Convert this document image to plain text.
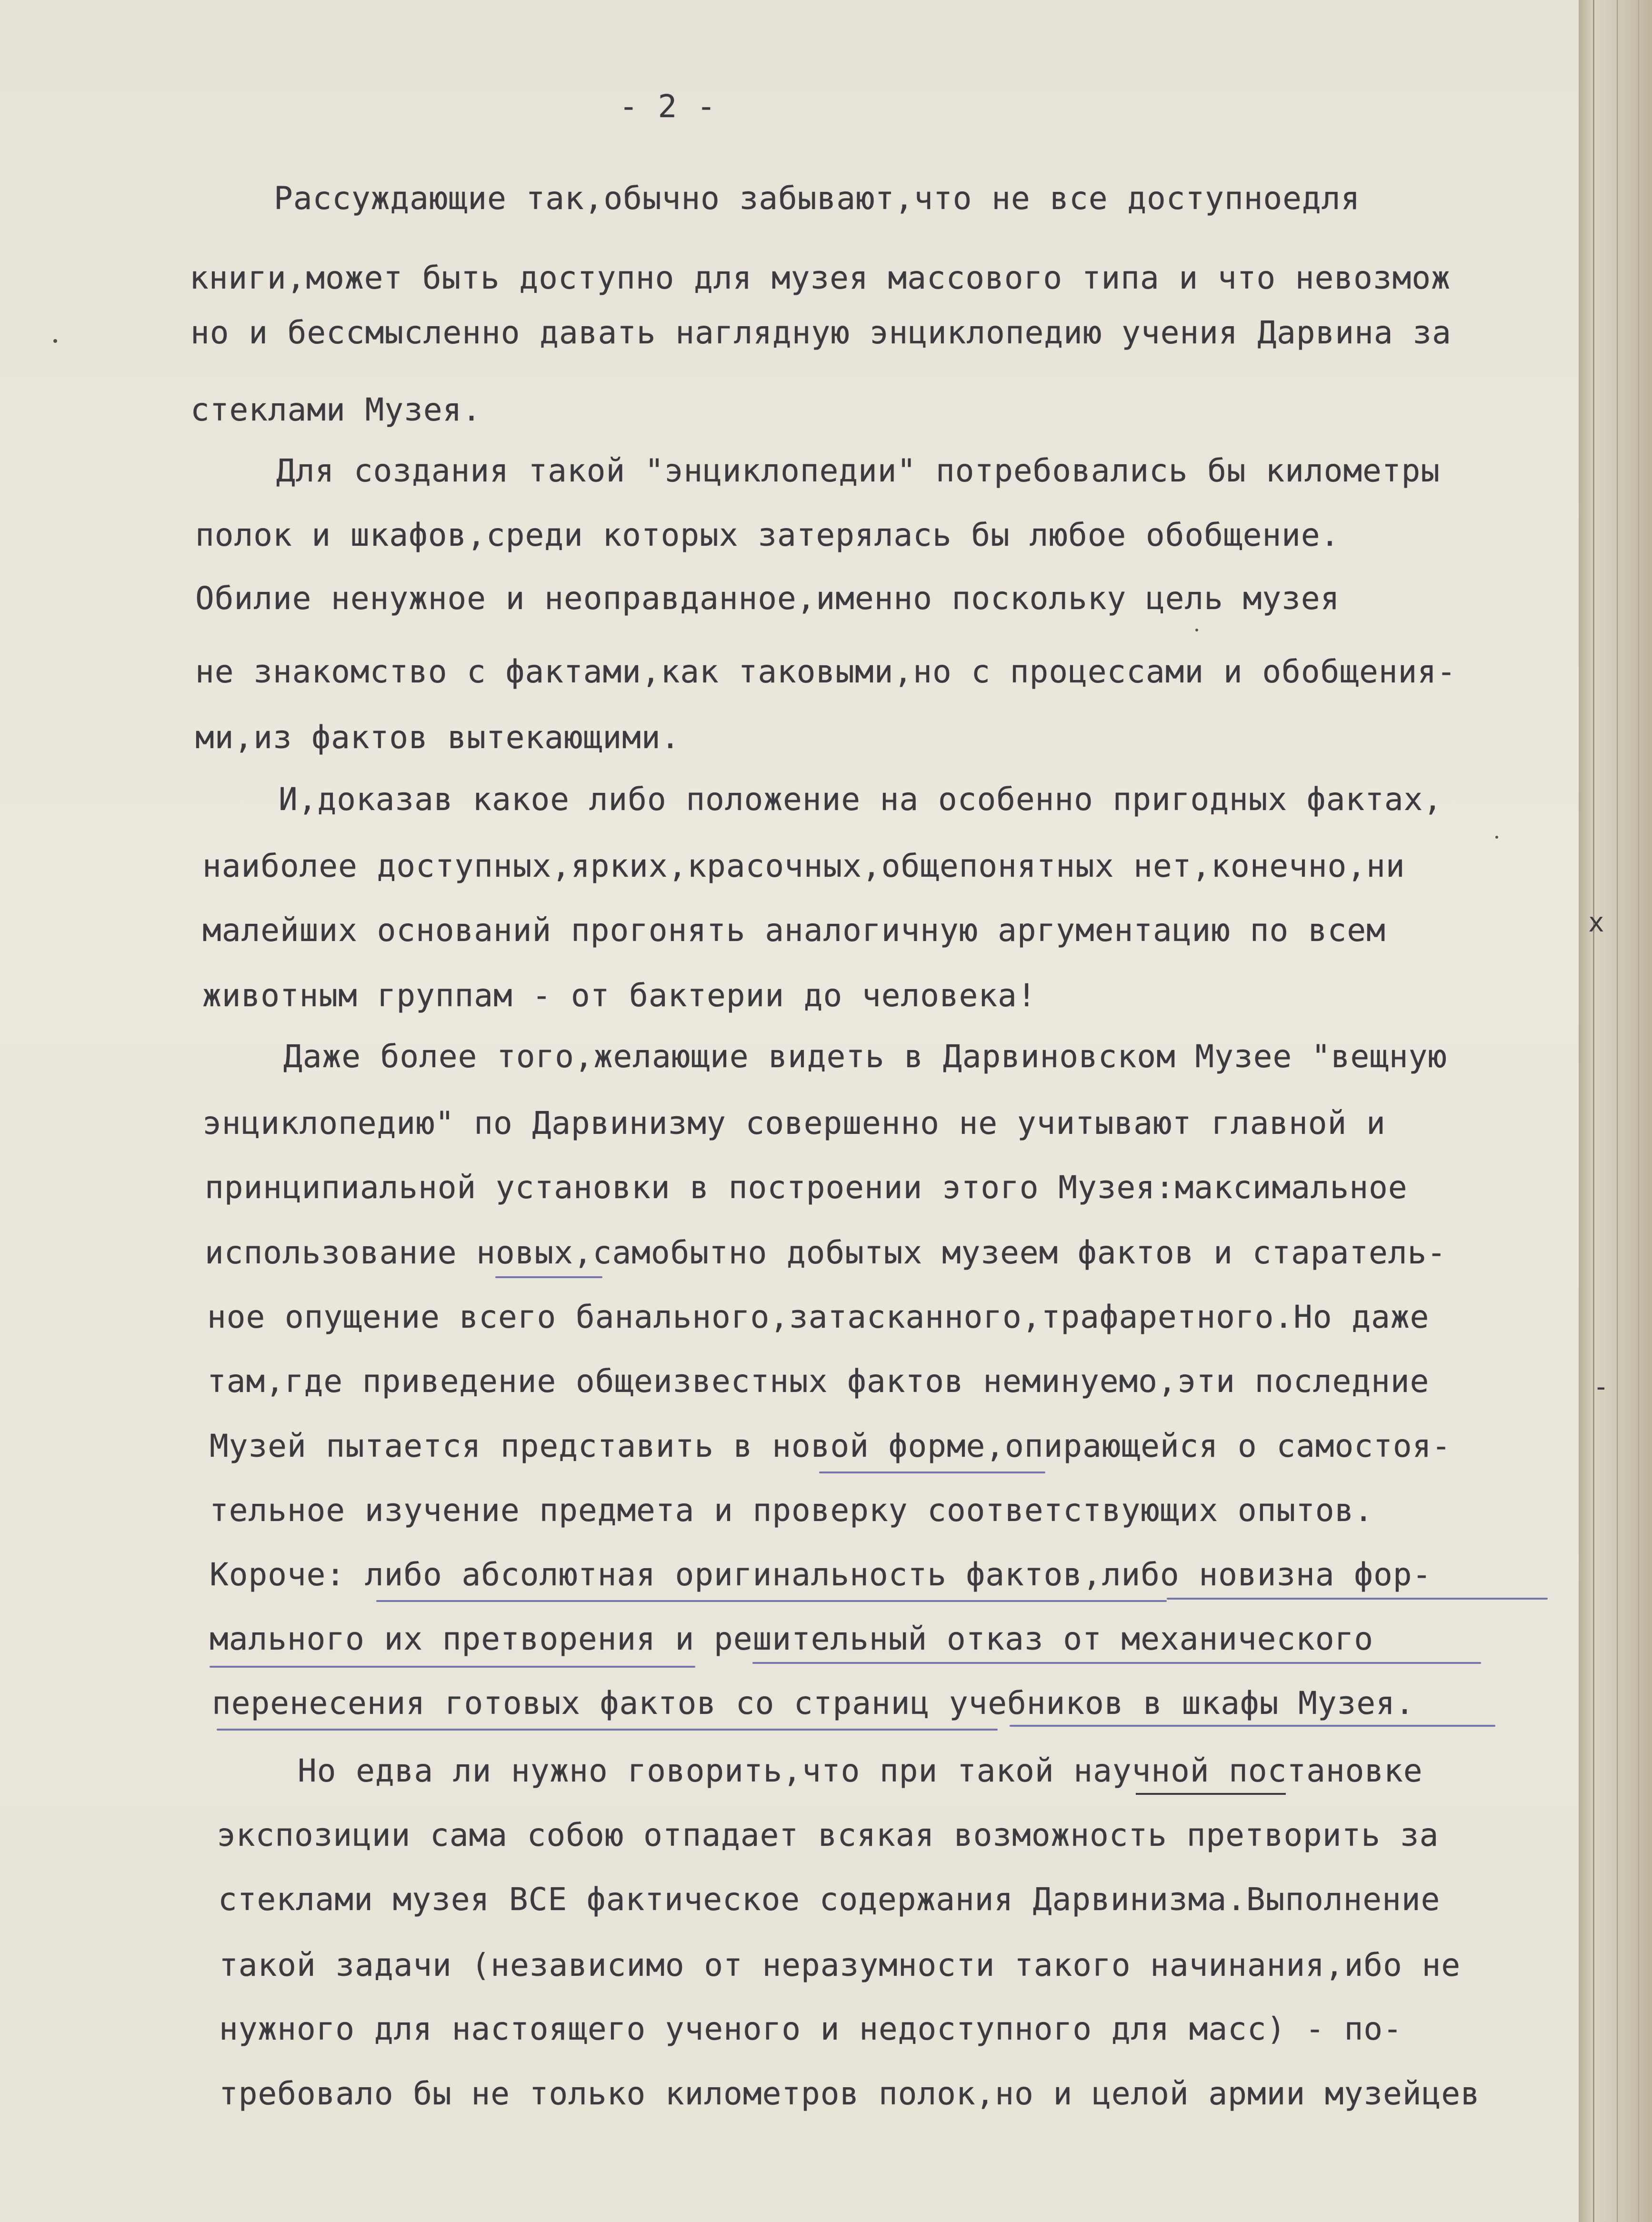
- 2 -
Рассуждающие так,обычно забывают,что не все доступноедля
книги,может быть доступно для музея массового типа и что невозмож
но и бессмысленно давать наглядную энциклопедию учения Дарвина за
стеклами Музея.
Для создания такой "энциклопедии" потребовались бы километры
полок и шкафов,среди которых затерялась бы любое обобщение.
Обилие ненужное и неоправданное,именно поскольку цель музея
не знакомство с фактами,как таковыми,но с процессами и обобщения-
ми,из фактов вытекающими.
И,доказав какое либо положение на особенно пригодных фактах,
наиболее доступных,ярких,красочных,общепонятных нет,конечно,ни
малейших оснований прогонять аналогичную аргументацию по всем
животным группам - от бактерии до человека!
Даже более того,желающие видеть в Дарвиновском Музее "вещную
энциклопедию" по Дарвинизму совершенно не учитывают главной и
принципиальной установки в построении этого Музея:максимальное
использование новых,самобытно добытых музеем фактов и старатель-
ное опущение всего банального,затасканного,трафаретного.Но даже
там,где приведение общеизвестных фактов неминуемо,эти последние
Музей пытается представить в новой форме,опирающейся о самостоя-
тельное изучение предмета и проверку соответствующих опытов.
Короче: либо абсолютная оригинальность фактов,либо новизна фор-
мального их претворения и решительный отказ от механического
перенесения готовых фактов со страниц учебников в шкафы Музея.
Но едва ли нужно говорить,что при такой научной постановке
экспозиции сама собою отпадает всякая возможность претворить за
стеклами музея ВСЕ фактическое содержания Дарвинизма.Выполнение
такой задачи (независимо от неразумности такого начинания,ибо не
нужного для настоящего ученого и недоступного для масс) - по-
требовало бы не только километров полок,но и целой армии музейцев
x
-
